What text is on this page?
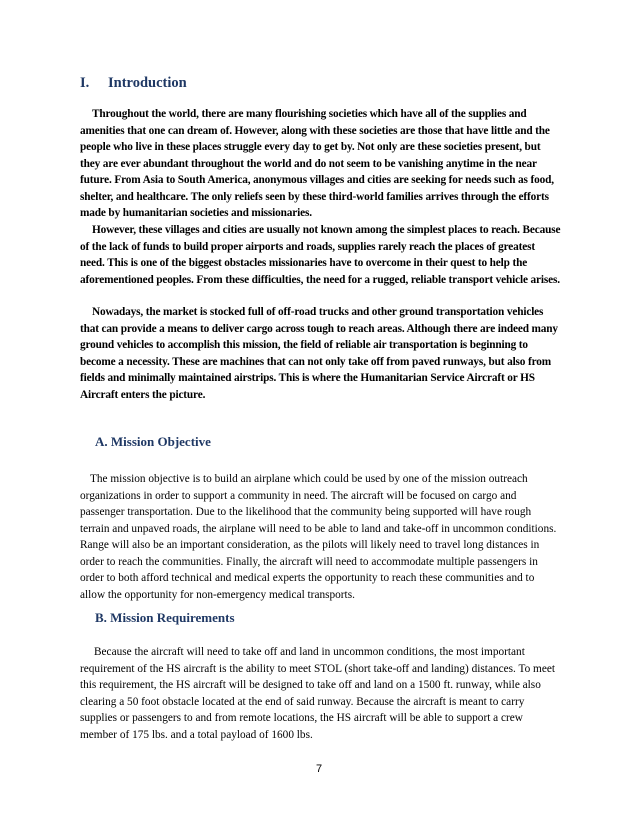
I. Introduction

Throughout the world, there are many flourishing societies which have all of the supplies and amenities that one can dream of. However, along with these societies are those that have little and the people who live in these places struggle every day to get by. Not only are these societies present, but they are ever abundant throughout the world and do not seem to be vanishing anytime in the near future. From Asia to South America, anonymous villages and cities are seeking for needs such as food, shelter, and healthcare. The only reliefs seen by these third-world families arrives through the efforts made by humanitarian societies and missionaries.

However, these villages and cities are usually not known among the simplest places to reach. Because of the lack of funds to build proper airports and roads, supplies rarely reach the places of greatest need. This is one of the biggest obstacles missionaries have to overcome in their quest to help the aforementioned peoples. From these difficulties, the need for a rugged, reliable transport vehicle arises.

Nowadays, the market is stocked full of off-road trucks and other ground transportation vehicles that can provide a means to deliver cargo across tough to reach areas. Although there are indeed many ground vehicles to accomplish this mission, the field of reliable air transportation is beginning to become a necessity. These are machines that can not only take off from paved runways, but also from fields and minimally maintained airstrips. This is where the Humanitarian Service Aircraft or HS Aircraft enters the picture.

A. Mission Objective

The mission objective is to build an airplane which could be used by one of the mission outreach organizations in order to support a community in need. The aircraft will be focused on cargo and passenger transportation. Due to the likelihood that the community being supported will have rough terrain and unpaved roads, the airplane will need to be able to land and take-off in uncommon conditions. Range will also be an important consideration, as the pilots will likely need to travel long distances in order to reach the communities. Finally, the aircraft will need to accommodate multiple passengers in order to both afford technical and medical experts the opportunity to reach these communities and to allow the opportunity for non-emergency medical transports.

B. Mission Requirements

Because the aircraft will need to take off and land in uncommon conditions, the most important requirement of the HS aircraft is the ability to meet STOL (short take-off and landing) distances. To meet this requirement, the HS aircraft will be designed to take off and land on a 1500 ft. runway, while also clearing a 50 foot obstacle located at the end of said runway. Because the aircraft is meant to carry supplies or passengers to and from remote locations, the HS aircraft will be able to support a crew member of 175 lbs. and a total payload of 1600 lbs.

7
